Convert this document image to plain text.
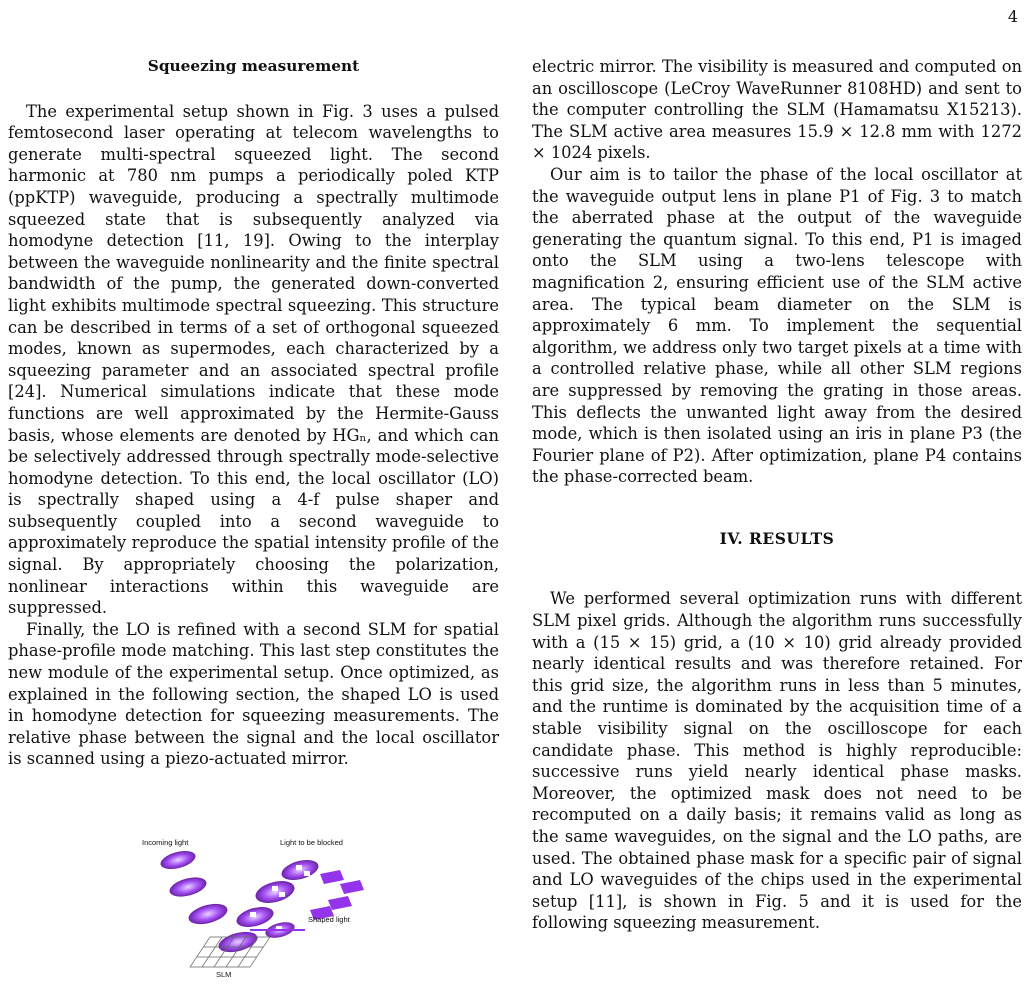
4
Squeezing measurement

The experimental setup shown in Fig. 3 uses a pulsed femtosecond laser operating at telecom wavelengths to generate multi-spectral squeezed light. The second harmonic at 780 nm pumps a periodically poled KTP (ppKTP) waveguide, producing a spectrally multimode squeezed state that is subsequently analyzed via homodyne detection [11, 19]. Owing to the interplay between the waveguide nonlinearity and the finite spectral bandwidth of the pump, the generated down-converted light exhibits multimode spectral squeezing. This structure can be described in terms of a set of orthogonal squeezed modes, known as supermodes, each characterized by a squeezing parameter and an associated spectral profile [24]. Numerical simulations indicate that these mode functions are well approximated by the Hermite-Gauss basis, whose elements are denoted by HGₙ, and which can be selectively addressed through spectrally mode-selective homodyne detection. To this end, the local oscillator (LO) is spectrally shaped using a 4-f pulse shaper and subsequently coupled into a second waveguide to approximately reproduce the spatial intensity profile of the signal. By appropriately choosing the polarization, nonlinear interactions within this waveguide are suppressed.

Finally, the LO is refined with a second SLM for spatial phase-profile mode matching. This last step constitutes the new module of the experimental setup. Once optimized, as explained in the following section, the shaped LO is used in homodyne detection for squeezing measurements. The relative phase between the signal and the local oscillator is scanned using a piezo-actuated mirror.

electric mirror. The visibility is measured and computed on an oscilloscope (LeCroy WaveRunner 8108HD) and sent to the computer controlling the SLM (Hamamatsu X15213). The SLM active area measures 15.9 × 12.8 mm with 1272 × 1024 pixels.

Our aim is to tailor the phase of the local oscillator at the waveguide output lens in plane P1 of Fig. 3 to match the aberrated phase at the output of the waveguide generating the quantum signal. To this end, P1 is imaged onto the SLM using a two-lens telescope with magnification 2, ensuring efficient use of the SLM active area. The typical beam diameter on the SLM is approximately 6 mm. To implement the sequential algorithm, we address only two target pixels at a time with a controlled relative phase, while all other SLM regions are suppressed by removing the grating in those areas. This deflects the unwanted light away from the desired mode, which is then isolated using an iris in plane P3 (the Fourier plane of P2). After optimization, plane P4 contains the phase-corrected beam.

IV. RESULTS

We performed several optimization runs with different SLM pixel grids. Although the algorithm runs successfully with a (15 × 15) grid, a (10 × 10) grid already provided nearly identical results and was therefore retained. For this grid size, the algorithm runs in less than 5 minutes, and the runtime is dominated by the acquisition time of a stable visibility signal on the oscilloscope for each candidate phase. This method is highly reproducible: successive runs yield nearly identical phase masks. Moreover, the optimized mask does not need to be recomputed on a daily basis; it remains valid as long as the same waveguides, on the signal and the LO paths, are used. The obtained phase mask for a specific pair of signal and LO waveguides of the chips used in the experimental setup [11], is shown in Fig. 5 and it is used for the following squeezing measurement.

Incoming light	Light to be blocked
Shaped light
SLM
